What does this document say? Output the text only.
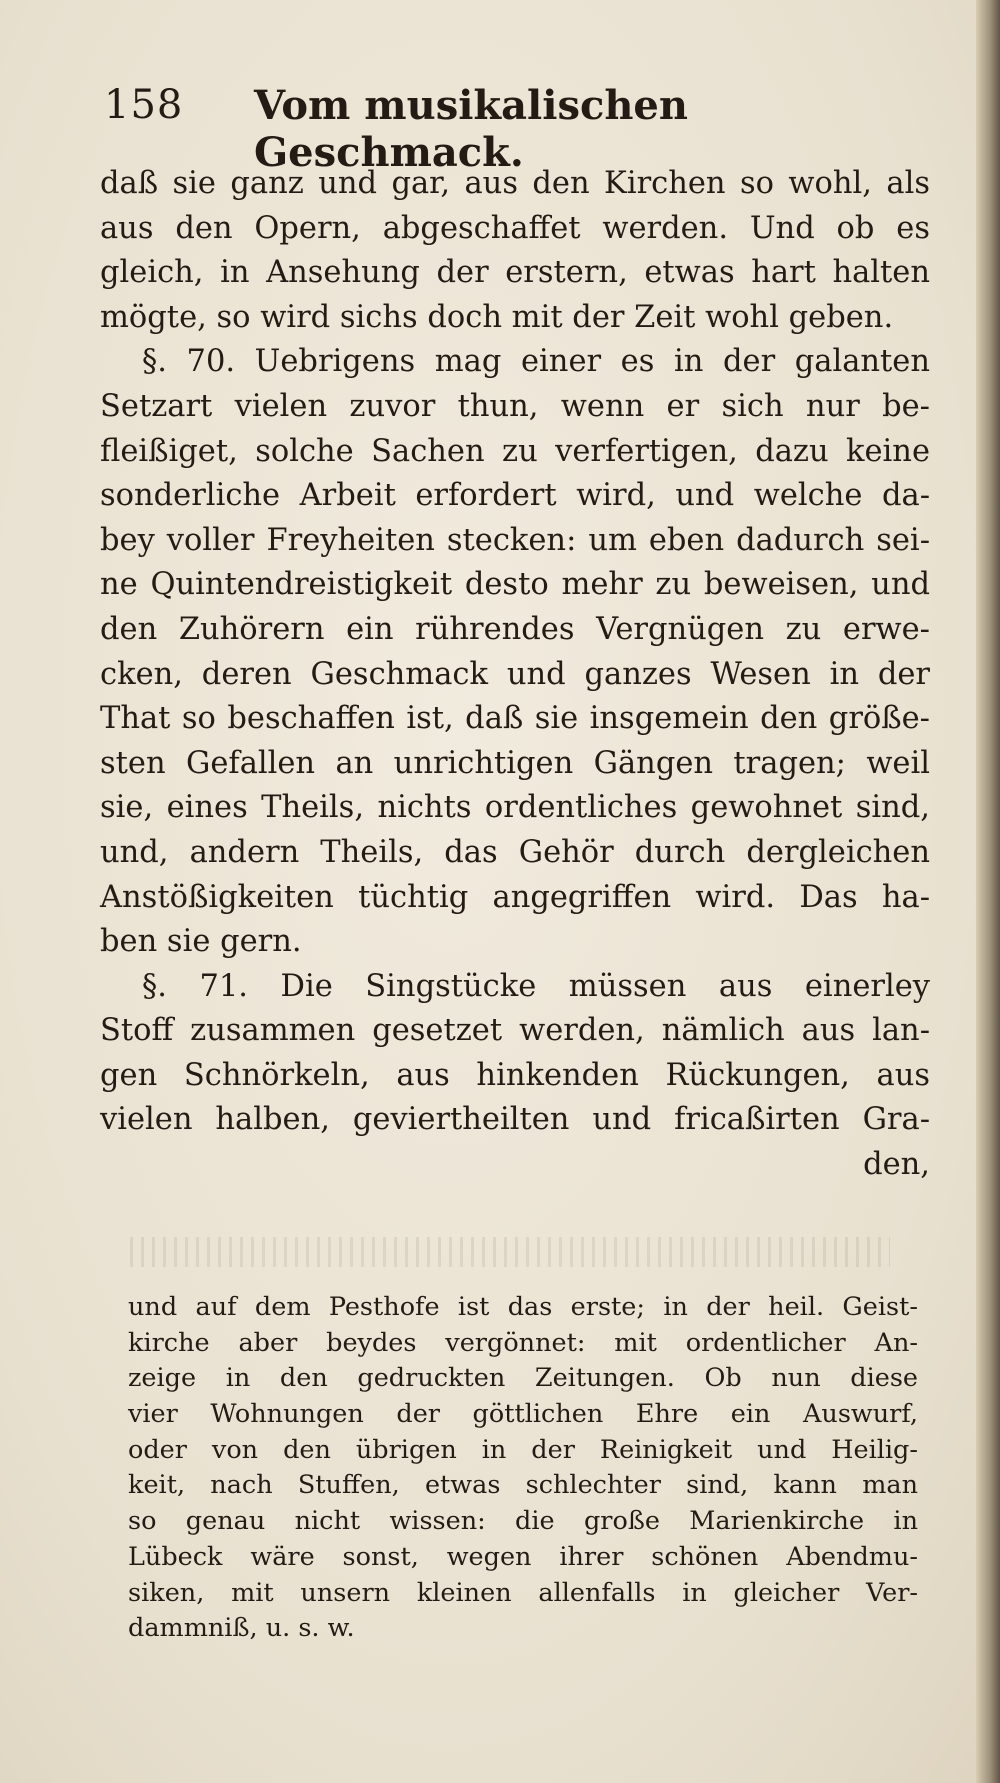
158 Vom musikalischen Geschmack.
daß sie ganz und gar, aus den Kirchen so wohl, als
aus den Opern, abgeschaffet werden. Und ob es
gleich, in Ansehung der erstern, etwas hart halten
mögte, so wird sichs doch mit der Zeit wohl geben.
§. 70. Uebrigens mag einer es in der galanten
Setzart vielen zuvor thun, wenn er sich nur be-
fleißiget, solche Sachen zu verfertigen, dazu keine
sonderliche Arbeit erfordert wird, und welche da-
bey voller Freyheiten stecken: um eben dadurch sei-
ne Quintendreistigkeit desto mehr zu beweisen, und
den Zuhörern ein rührendes Vergnügen zu erwe-
cken, deren Geschmack und ganzes Wesen in der
That so beschaffen ist, daß sie insgemein den größe-
sten Gefallen an unrichtigen Gängen tragen; weil
sie, eines Theils, nichts ordentliches gewohnet sind,
und, andern Theils, das Gehör durch dergleichen
Anstößigkeiten tüchtig angegriffen wird. Das ha-
ben sie gern.
§. 71. Die Singstücke müssen aus einerley
Stoff zusammen gesetzet werden, nämlich aus lan-
gen Schnörkeln, aus hinkenden Rückungen, aus
vielen halben, geviertheilten und fricaßirten Gra-
den,
und auf dem Pesthofe ist das erste; in der heil. Geist-
kirche aber beydes vergönnet: mit ordentlicher An-
zeige in den gedruckten Zeitungen. Ob nun diese
vier Wohnungen der göttlichen Ehre ein Auswurf,
oder von den übrigen in der Reinigkeit und Heilig-
keit, nach Stuffen, etwas schlechter sind, kann man
so genau nicht wissen: die große Marienkirche in
Lübeck wäre sonst, wegen ihrer schönen Abendmu-
siken, mit unsern kleinen allenfalls in gleicher Ver-
dammniß, u. s. w.
